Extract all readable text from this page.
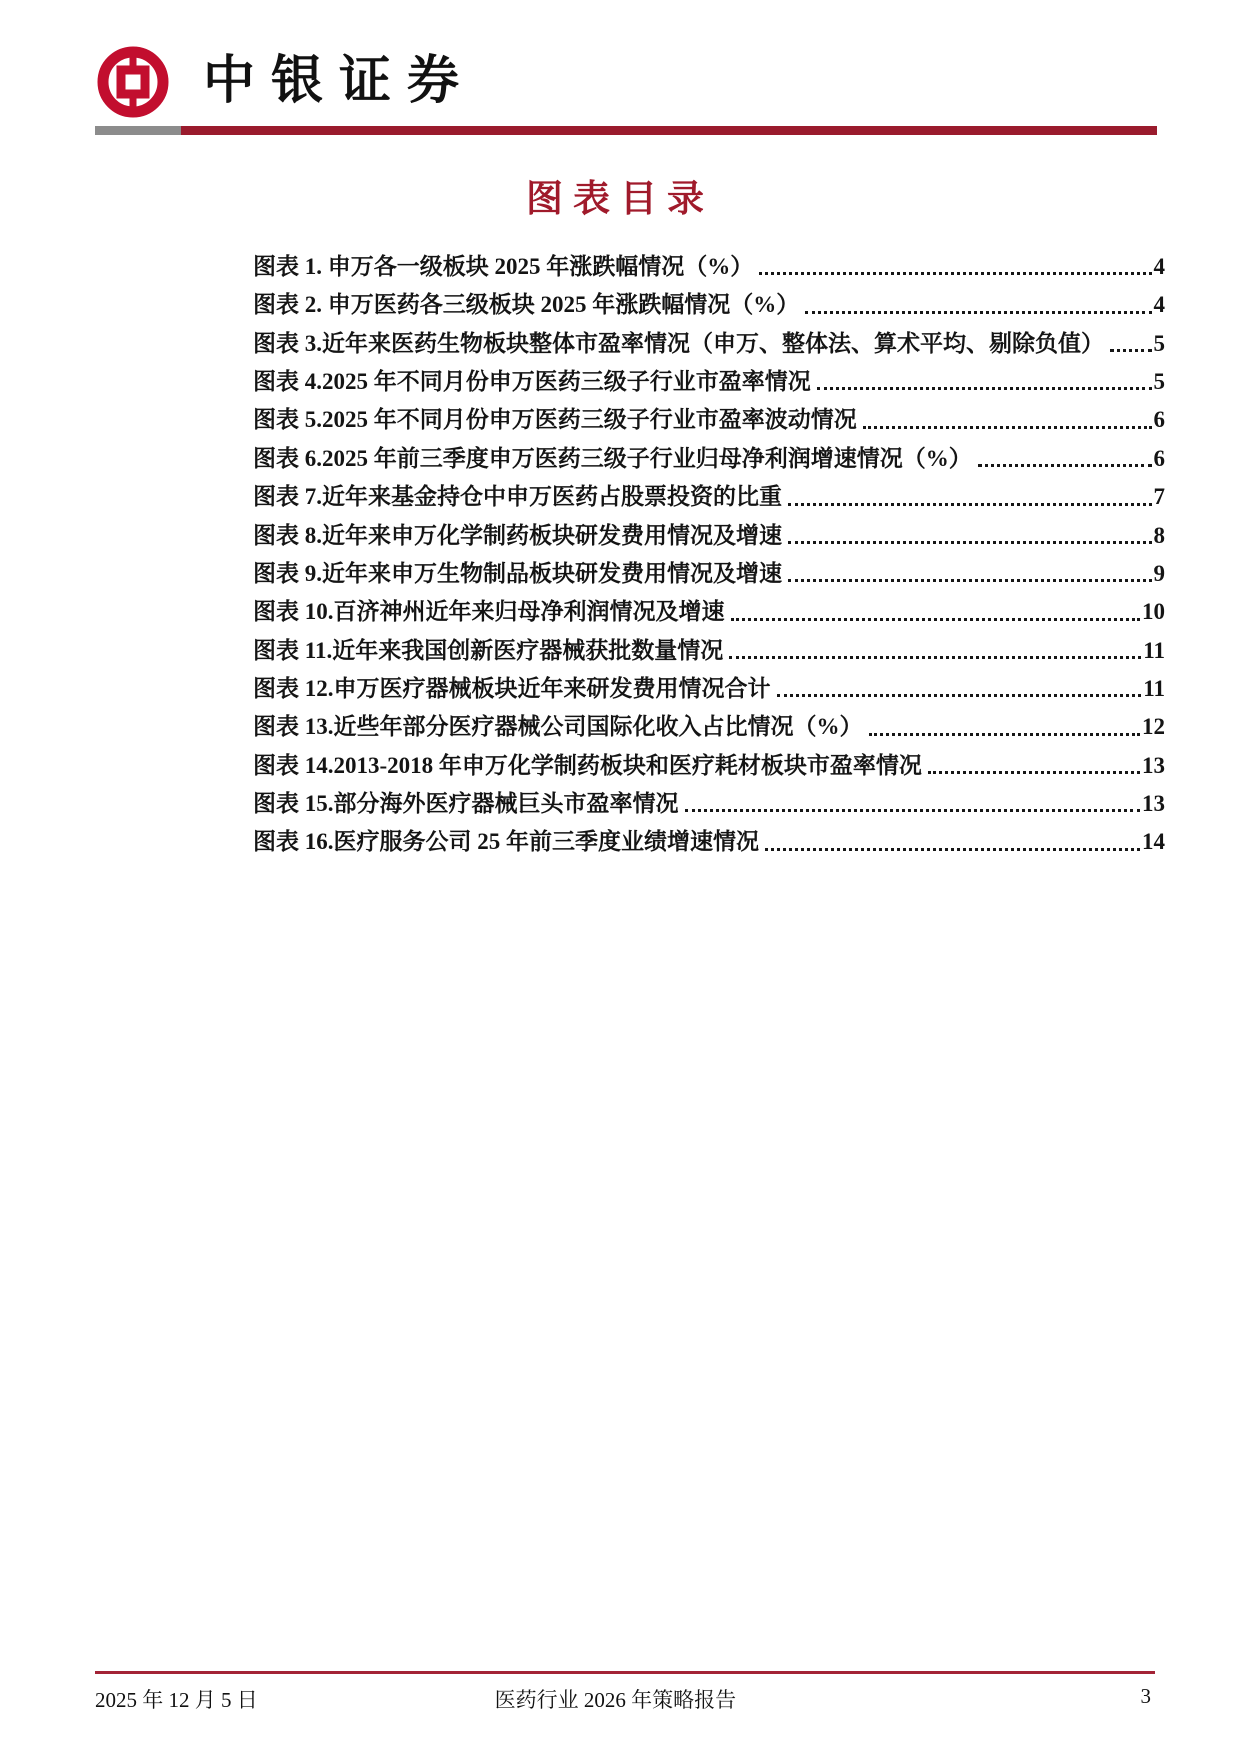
中银证券
图表目录
图表 1. 申万各一级板块 2025 年涨跌幅情况（%）	4
图表 2. 申万医药各三级板块 2025 年涨跌幅情况（%）	4
图表 3.近年来医药生物板块整体市盈率情况（申万、整体法、算术平均、剔除负值） 5
图表 4.2025 年不同月份申万医药三级子行业市盈率情况	5
图表 5.2025 年不同月份申万医药三级子行业市盈率波动情况	6
图表 6.2025 年前三季度申万医药三级子行业归母净利润增速情况（%）	6
图表 7.近年来基金持仓中申万医药占股票投资的比重	7
图表 8.近年来申万化学制药板块研发费用情况及增速	8
图表 9.近年来申万生物制品板块研发费用情况及增速	9
图表 10.百济神州近年来归母净利润情况及增速	10
图表 11.近年来我国创新医疗器械获批数量情况	11
图表 12.申万医疗器械板块近年来研发费用情况合计	11
图表 13.近些年部分医疗器械公司国际化收入占比情况（%）	12
图表 14.2013-2018 年申万化学制药板块和医疗耗材板块市盈率情况	13
图表 15.部分海外医疗器械巨头市盈率情况	13
图表 16.医疗服务公司 25 年前三季度业绩增速情况	14
2025 年 12 月 5 日	医药行业 2026 年策略报告	3
